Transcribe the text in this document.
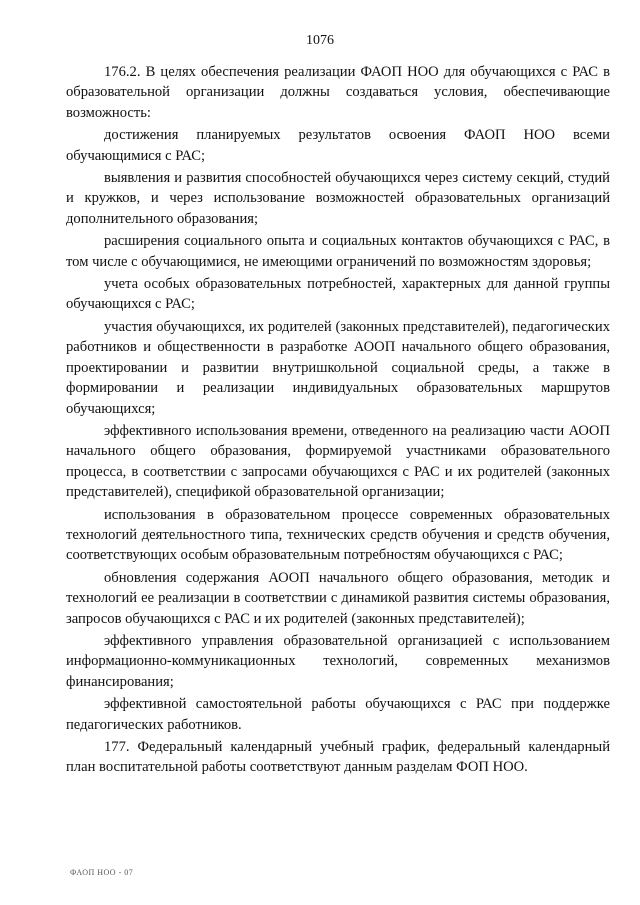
1076

176.2. В целях обеспечения реализации ФАОП НОО для обучающихся с РАС в образовательной организации должны создаваться условия, обеспечивающие возможность:

достижения планируемых результатов освоения ФАОП НОО всеми обучающимися с РАС;

выявления и развития способностей обучающихся через систему секций, студий и кружков, и через использование возможностей образовательных организаций дополнительного образования;

расширения социального опыта и социальных контактов обучающихся с РАС, в том числе с обучающимися, не имеющими ограничений по возможностям здоровья;

учета особых образовательных потребностей, характерных для данной группы обучающихся с РАС;

участия обучающихся, их родителей (законных представителей), педагогических работников и общественности в разработке АООП начального общего образования, проектировании и развитии внутришкольной социальной среды, а также в формировании и реализации индивидуальных образовательных маршрутов обучающихся;

эффективного использования времени, отведенного на реализацию части АООП начального общего образования, формируемой участниками образовательного процесса, в соответствии с запросами обучающихся с РАС и их родителей (законных представителей), спецификой образовательной организации;

использования в образовательном процессе современных образовательных технологий деятельностного типа, технических средств обучения и средств обучения, соответствующих особым образовательным потребностям обучающихся с РАС;

обновления содержания АООП начального общего образования, методик и технологий ее реализации в соответствии с динамикой развития системы образования, запросов обучающихся с РАС и их родителей (законных представителей);

эффективного управления образовательной организацией с использованием информационно-коммуникационных технологий, современных механизмов финансирования;

эффективной самостоятельной работы обучающихся с РАС при поддержке педагогических работников.

177. Федеральный календарный учебный график, федеральный календарный план воспитательной работы соответствуют данным разделам ФОП НОО.

ФАОП НОО - 07
